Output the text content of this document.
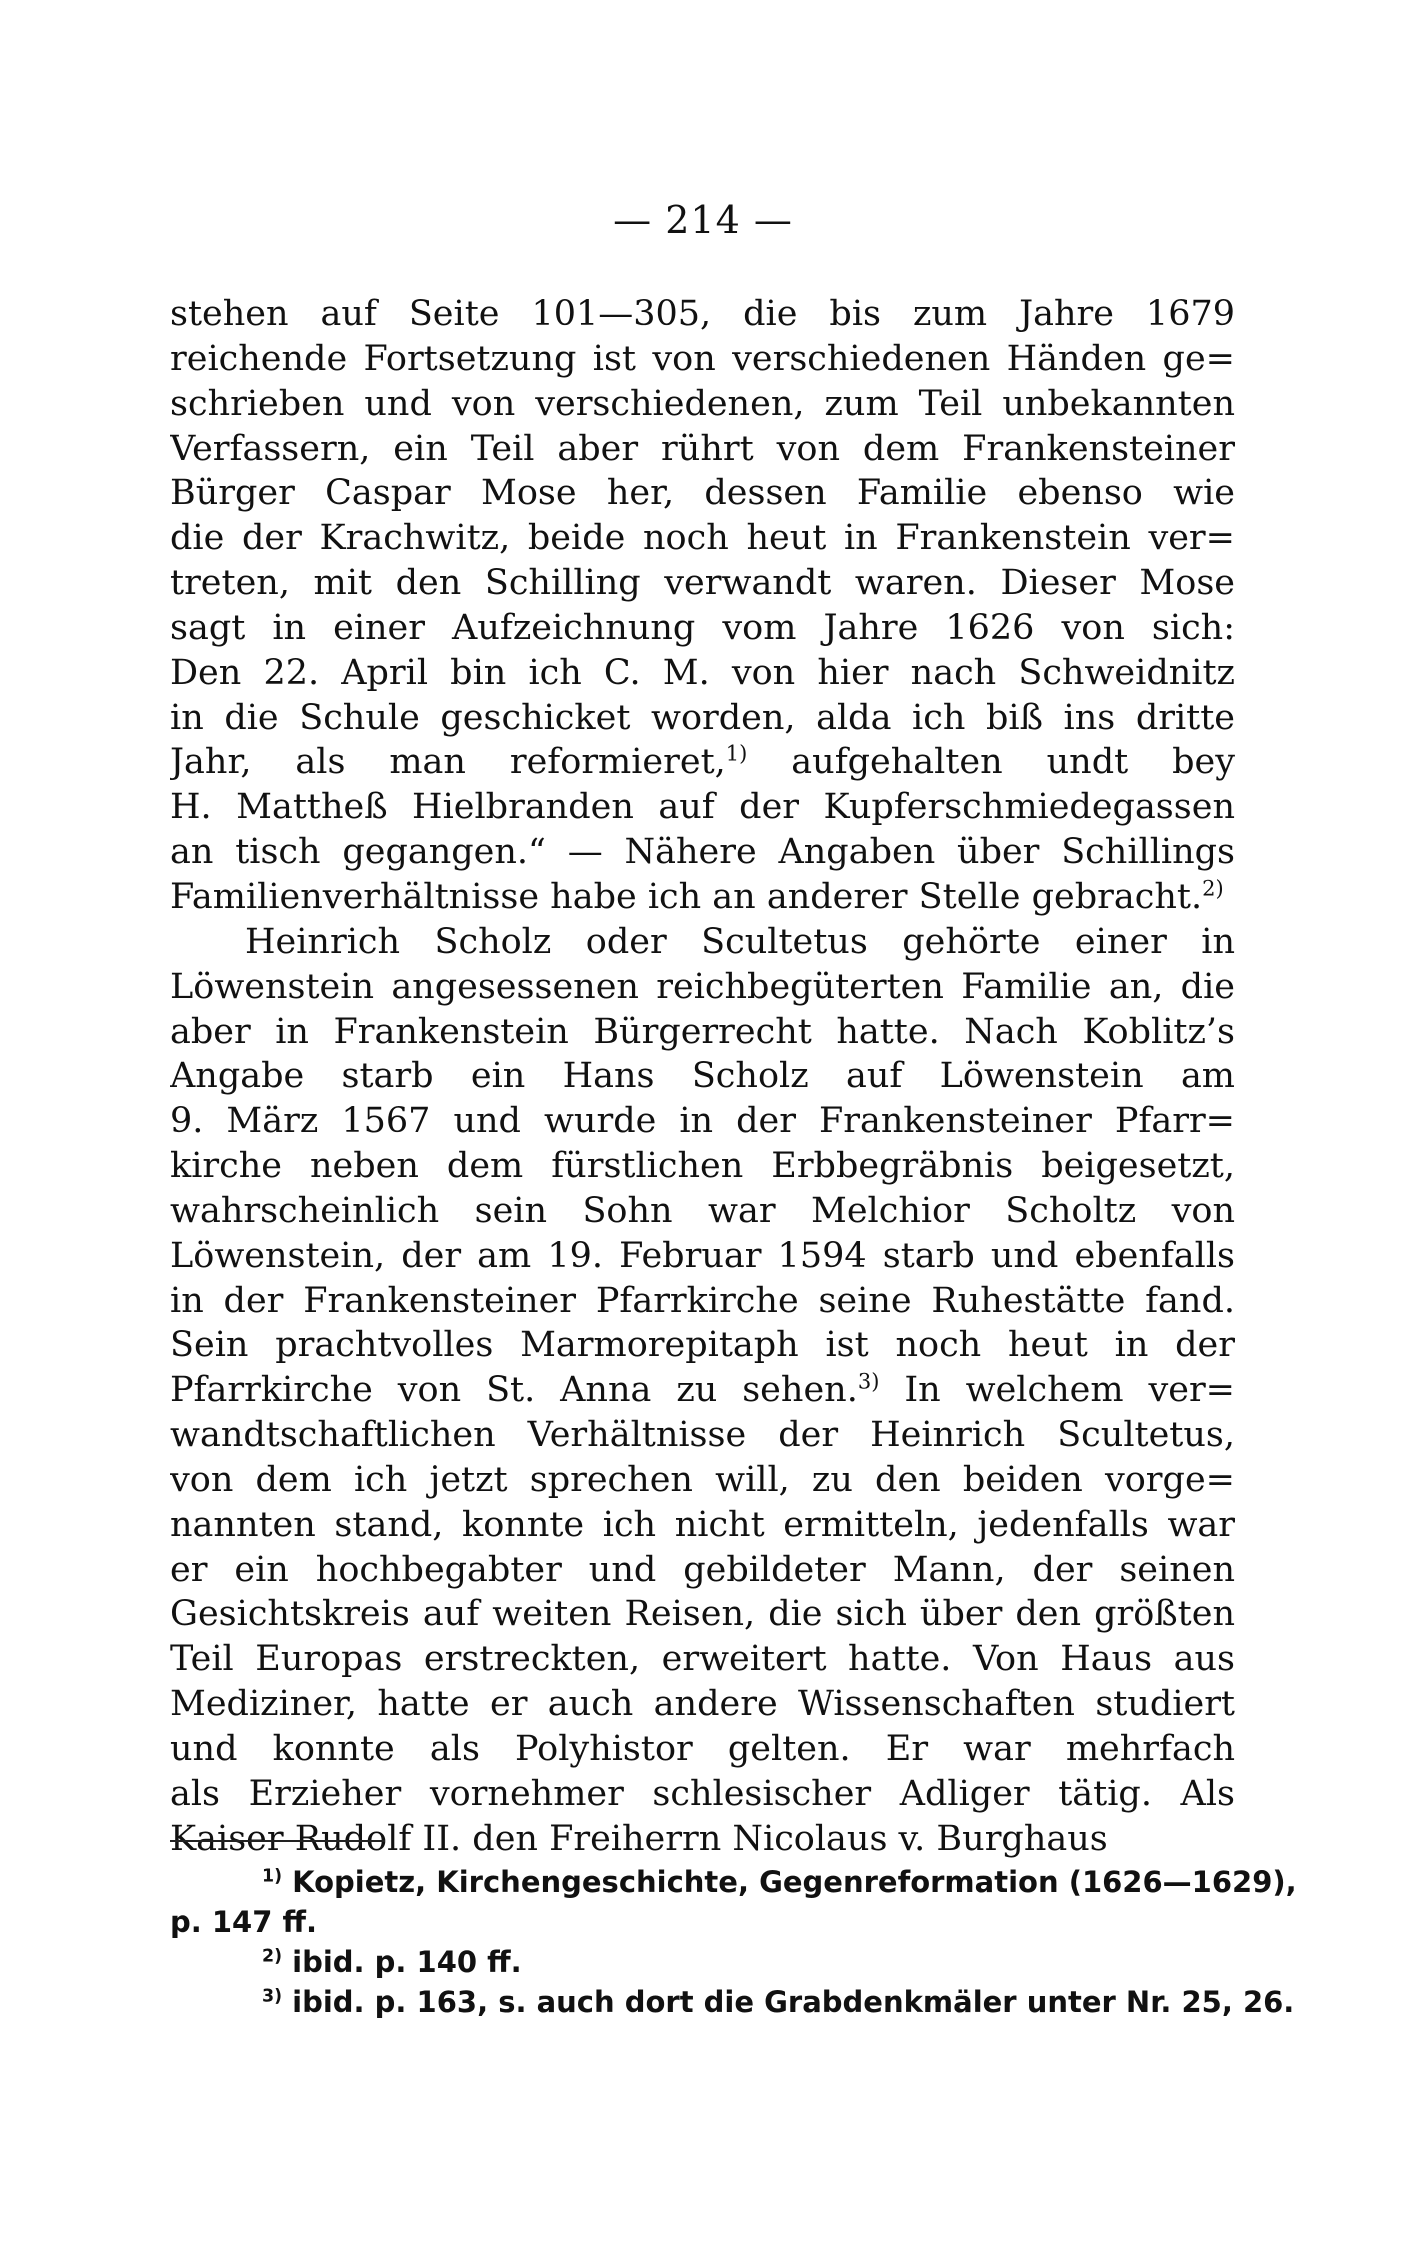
— 214 —
stehen auf Seite 101—305, die bis zum Jahre 1679
reichende Fortsetzung ist von verschiedenen Händen ge=
schrieben und von verschiedenen, zum Teil unbekannten
Verfassern, ein Teil aber rührt von dem Frankensteiner
Bürger Caspar Mose her, dessen Familie ebenso wie
die der Krachwitz, beide noch heut in Frankenstein ver=
treten, mit den Schilling verwandt waren. Dieser Mose
sagt in einer Aufzeichnung vom Jahre 1626 von sich:
Den 22. April bin ich C. M. von hier nach Schweidnitz
in die Schule geschicket worden, alda ich biß ins dritte
Jahr, als man reformieret,$^{1)}$ aufgehalten undt bey
H. Mattheß Hielbranden auf der Kupferschmiedegassen
an tisch gegangen.“ — Nähere Angaben über Schillings
Familienverhältnisse habe ich an anderer Stelle gebracht.$^{2)}$
Heinrich Scholz oder Scultetus gehörte einer in
Löwenstein angesessenen reichbegüterten Familie an, die
aber in Frankenstein Bürgerrecht hatte. Nach Koblitz’s
Angabe starb ein Hans Scholz auf Löwenstein am
9. März 1567 und wurde in der Frankensteiner Pfarr=
kirche neben dem fürstlichen Erbbegräbnis beigesetzt,
wahrscheinlich sein Sohn war Melchior Scholtz von
Löwenstein, der am 19. Februar 1594 starb und ebenfalls
in der Frankensteiner Pfarrkirche seine Ruhestätte fand.
Sein prachtvolles Marmorepitaph ist noch heut in der
Pfarrkirche von St. Anna zu sehen.$^{3)}$ In welchem ver=
wandtschaftlichen Verhältnisse der Heinrich Scultetus,
von dem ich jetzt sprechen will, zu den beiden vorge=
nannten stand, konnte ich nicht ermitteln, jedenfalls war
er ein hochbegabter und gebildeter Mann, der seinen
Gesichtskreis auf weiten Reisen, die sich über den größten
Teil Europas erstreckten, erweitert hatte. Von Haus aus
Mediziner, hatte er auch andere Wissenschaften studiert
und konnte als Polyhistor gelten. Er war mehrfach
als Erzieher vornehmer schlesischer Adliger tätig. Als
Kaiser Rudolf II. den Freiherrn Nicolaus v. Burghaus
$^{1)}$ Kopietz, Kirchengeschichte, Gegenreformation (1626—1629),
p. 147 ff.
$^{2)}$ ibid. p. 140 ff.
$^{3)}$ ibid. p. 163, s. auch dort die Grabdenkmäler unter Nr. 25, 26.
